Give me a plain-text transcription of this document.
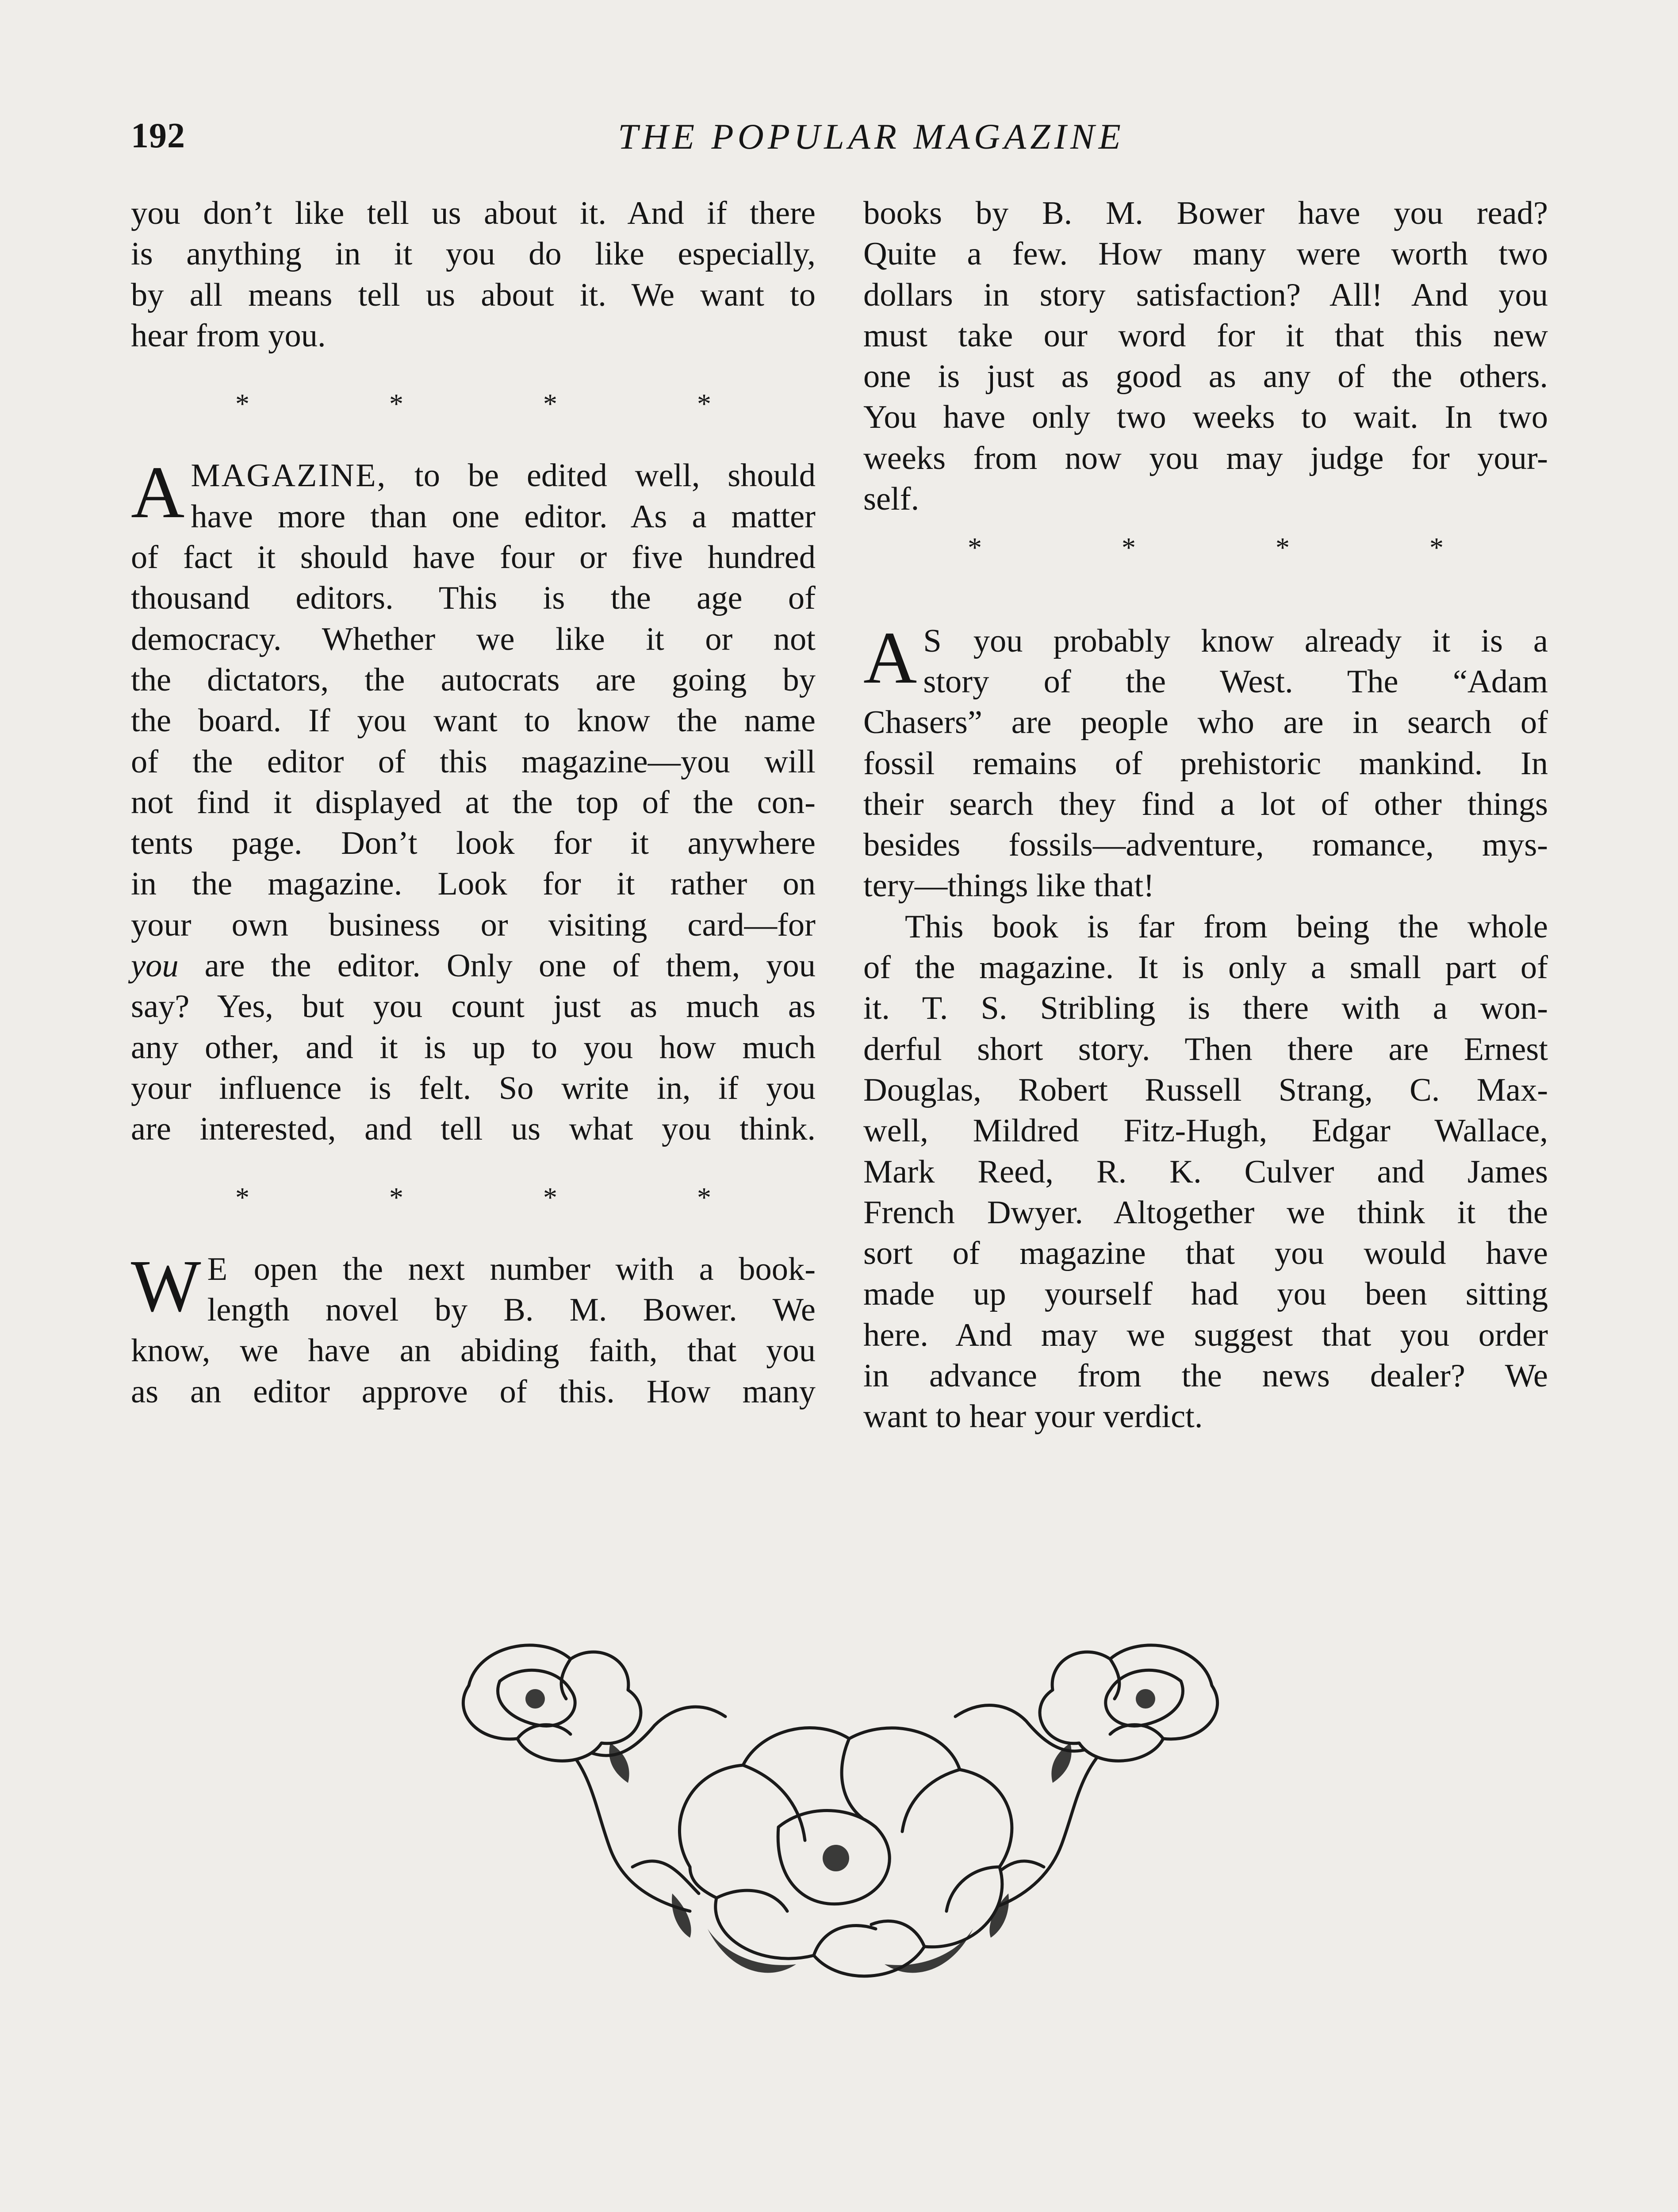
192	THE POPULAR MAGAZINE

you don’t like tell us about it. And if there
is anything in it you do like especially,
by all means tell us about it. We want to
hear from you.

* * * *

A MAGAZINE, to be edited well, should
have more than one editor. As a matter
of fact it should have four or five hundred
thousand editors. This is the age of
democracy. Whether we like it or not
the dictators, the autocrats are going by
the board. If you want to know the name
of the editor of this magazine—you will
not find it displayed at the top of the con-
tents page. Don’t look for it anywhere
in the magazine. Look for it rather on
your own business or visiting card—for
you are the editor. Only one of them, you
say? Yes, but you count just as much as
any other, and it is up to you how much
your influence is felt. So write in, if you
are interested, and tell us what you think.

* * * *

W E open the next number with a book-
length novel by B. M. Bower. We
know, we have an abiding faith, that you
as an editor approve of this. How many

books by B. M. Bower have you read?
Quite a few. How many were worth two
dollars in story satisfaction? All! And you
must take our word for it that this new
one is just as good as any of the others.
You have only two weeks to wait. In two
weeks from now you may judge for your-
self.

* * * *

A S you probably know already it is a
story of the West. The “Adam
Chasers” are people who are in search of
fossil remains of prehistoric mankind. In
their search they find a lot of other things
besides fossils—adventure, romance, mys-
tery—things like that!

This book is far from being the whole
of the magazine. It is only a small part of
it. T. S. Stribling is there with a won-
derful short story. Then there are Ernest
Douglas, Robert Russell Strang, C. Max-
well, Mildred Fitz-Hugh, Edgar Wallace,
Mark Reed, R. K. Culver and James
French Dwyer. Altogether we think it the
sort of magazine that you would have
made up yourself had you been sitting
here. And may we suggest that you order
in advance from the news dealer? We
want to hear your verdict.
